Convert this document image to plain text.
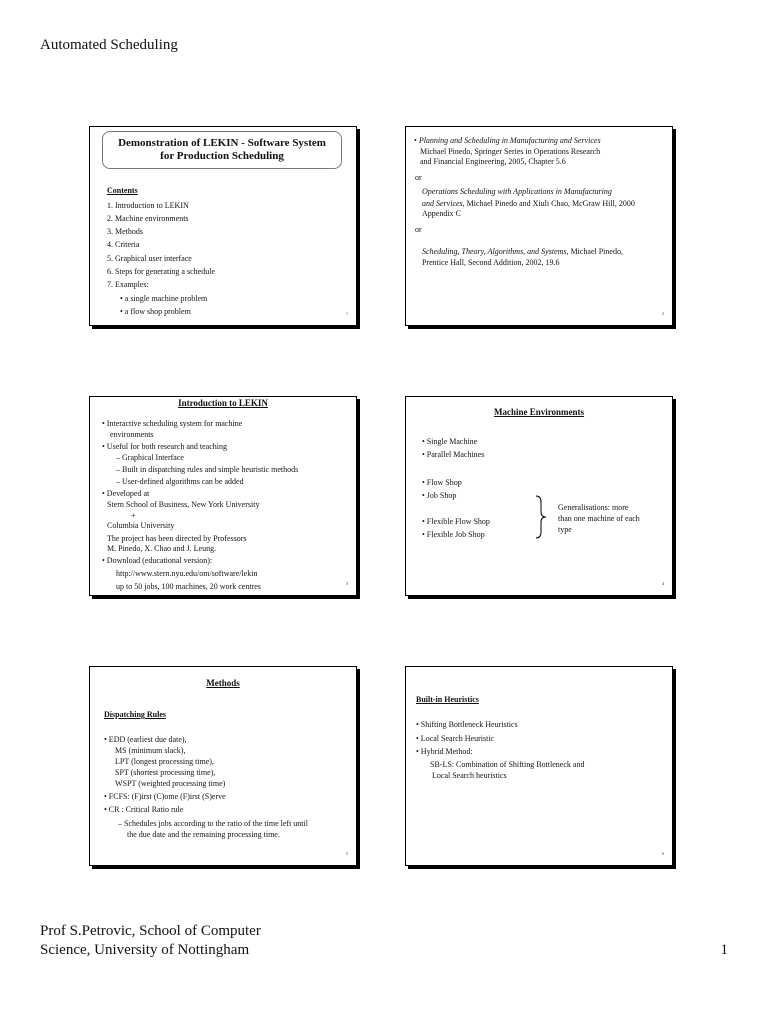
Automated Scheduling
Demonstration of LEKIN - Software System
for Production Scheduling
Contents
1. Introduction to LEKIN
2. Machine environments
3. Methods
4. Criteria
5. Graphical user interface
6. Steps for generating a schedule
7. Examples:
• a single machine problem
• a flow shop problem	1
• Planning and Scheduling in Manufacturing and Services
Michael Pinedo, Springer Series in Operations Research
and Financial Engineering, 2005, Chapter 5.6
or
Operations Scheduling with Applications in Manufacturing
and Services, Michael Pinedo and Xiuli Chao, McGraw Hill, 2000
Appendix C
or
Scheduling, Theory, Algorithms, and Systems, Michael Pinedo,
Prentice Hall, Second Addition, 2002, 19.6
2
Introduction to LEKIN
• Interactive scheduling system for machine
environments
• Useful for both research and teaching
– Graphical Interface
– Built in dispatching rules and simple heuristic methods
– User-defined algorithms can be added
• Developed at
Stern School of Business, New York University
+
Columbia University
The project has been directed by Professors
M. Pinedo, X. Chao and J. Leung.
• Download (educational version):
http://www.stern.nyu.edu/om/software/lekin
up to 50 jobs, 100 machines, 20 work centres	3
Machine Environments
• Single Machine
• Parallel Machines
• Flow Shop
• Job Shop
• Flexible Flow Shop
• Flexible Job Shop
Generalisations: more
than one machine of each
type
4
Methods
Dispatching Rules
• EDD (earliest due date),
MS (minimum slack),
LPT (longest processing time),
SPT (shortest processing time),
WSPT (weighted processing time)
• FCFS: (F)irst (C)ome (F)irst (S)erve
• CR : Critical Ratio rule
– Schedules jobs according to the ratio of the time left until
the due date and the remaining processing time.
5
Built-in Heuristics
• Shifting Bottleneck Heuristics
• Local Search Heuristic
• Hybrid Method:
SB-LS: Combination of Shifting Bottleneck and
Local Search heuristics
6
Prof S.Petrovic, School of Computer
Science, University of Nottingham	1
